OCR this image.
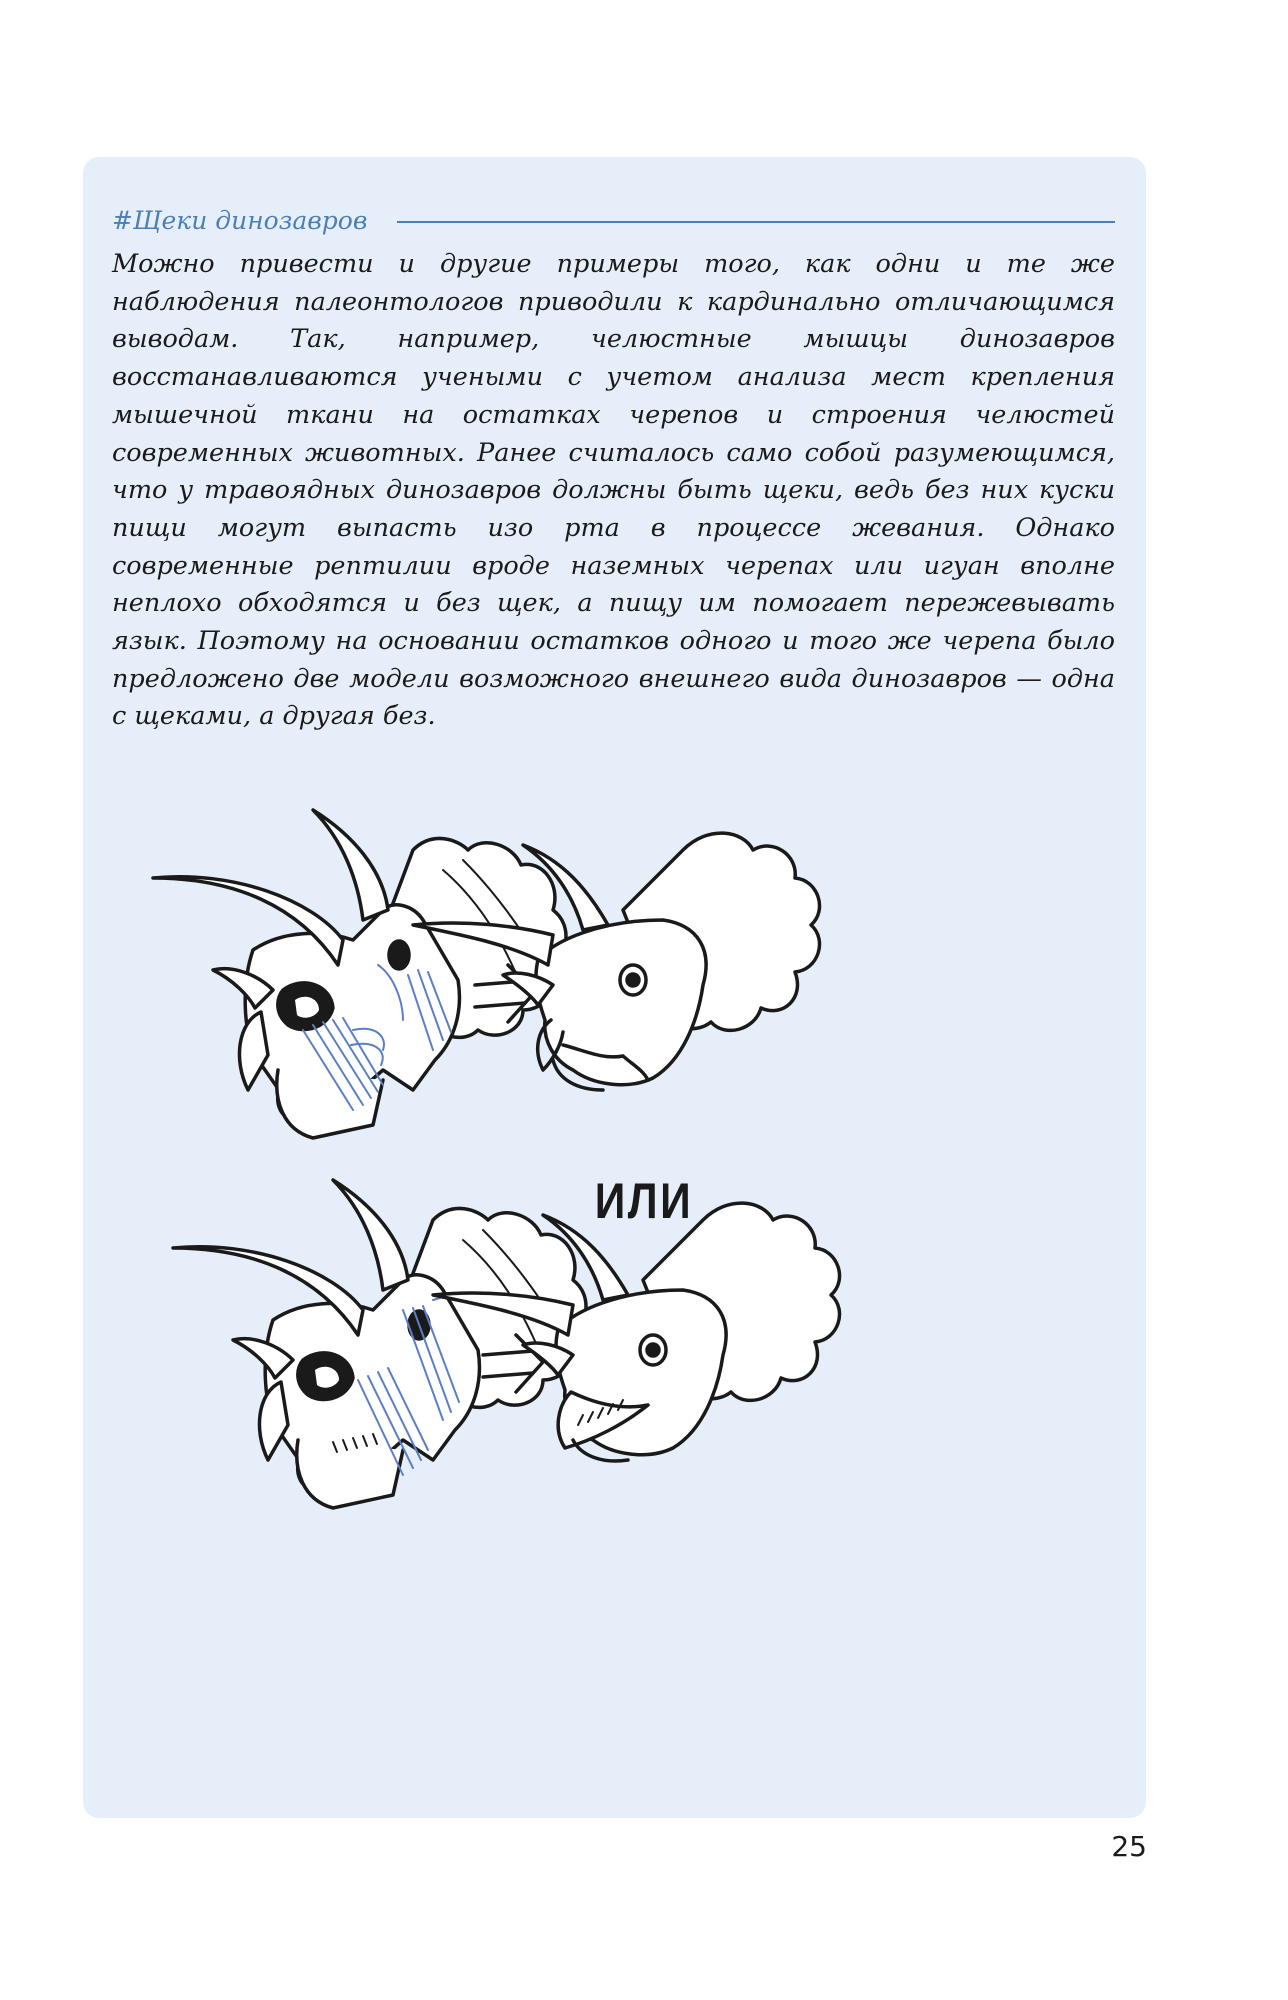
#Щеки динозавров

Можно привести и другие примеры того, как одни и те же наблюдения палеонтологов приводили к кардинально отличающимся выводам. Так, например, челюстные мышцы динозавров восстанавливаются учеными с учетом анализа мест крепления мышечной ткани на остатках черепов и строения челюстей современных животных. Ранее считалось само собой разумеющимся, что у травоядных динозавров должны быть щеки, ведь без них куски пищи могут выпасть изо рта в процессе жевания. Однако современные рептилии вроде наземных черепах или игуан вполне неплохо обходятся и без щек, а пищу им помогает пережевывать язык. Поэтому на основании остатков одного и того же черепа было предложено две модели возможного внешнего вида динозавров — одна с щеками, а другая без.

ИЛИ
25
